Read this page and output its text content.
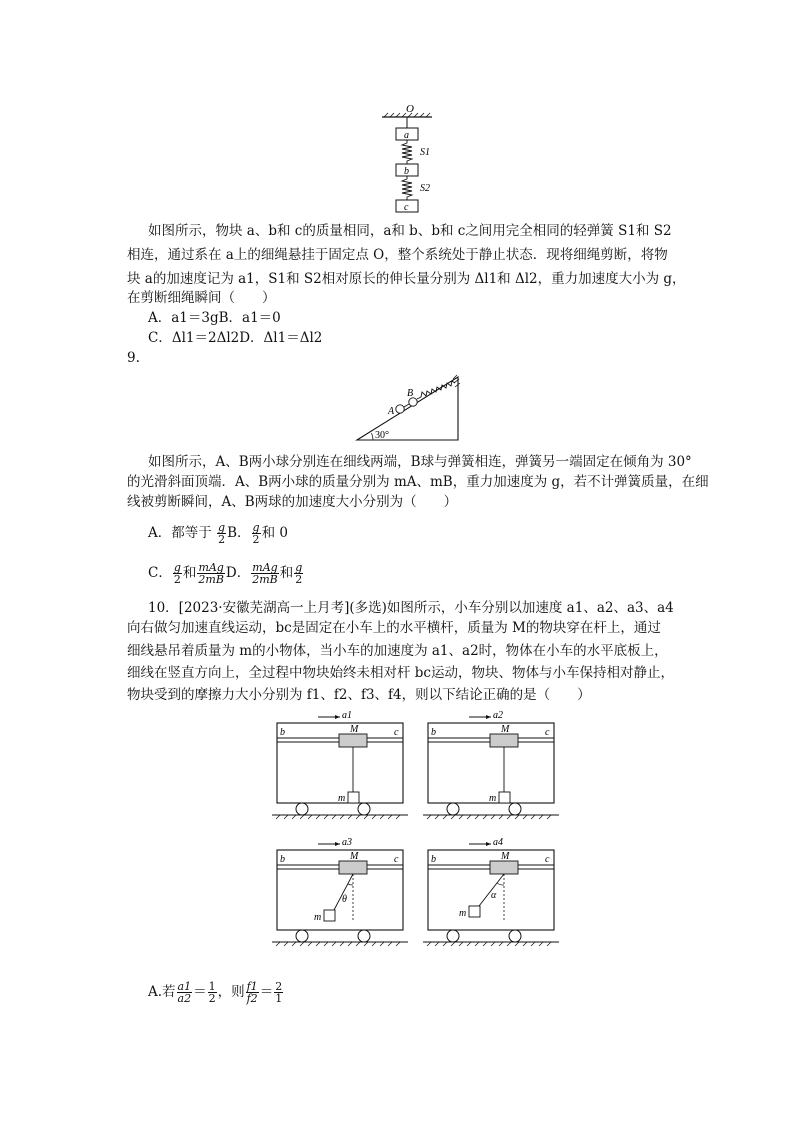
O
a
S1
b
S2
c
如图所示，物块 a、b和 c的质量相同，a和 b、b和 c之间用完全相同的轻弹簧 S1和 S2
相连，通过系在 a上的细绳悬挂于固定点 O，整个系统处于静止状态．现将细绳剪断，将物
块 a的加速度记为 a1，S1和 S2相对原长的伸长量分别为 Δl1和 Δl2，重力加速度大小为 g，
在剪断细绳瞬间（　　）
A．a1＝3gB．a1＝0
C．Δl1＝2Δl2D．Δl1＝Δl2
9.
30°
A
B
如图所示，A、B两小球分别连在细线两端，B球与弹簧相连，弹簧另一端固定在倾角为 30°
的光滑斜面顶端．A、B两小球的质量分别为 mA、mB，重力加速度为 g，若不计弹簧质量，在细
线被剪断瞬间，A、B两球的加速度大小分别为（　　）
A．都等于 $\frac{g}{2}$ B． $\frac{g}{2}$ 和 0
C． $\frac{g}{2}$ 和 $\frac{\text{mAg}}{2mB}$ D． $\frac{\text{mAg}}{2mB}$ 和 $\frac{g}{2}$
10．[2023·安徽芜湖高一上月考](多选)如图所示，小车分别以加速度 a1、a2、a3、a4
向右做匀加速直线运动，bc是固定在小车上的水平横杆，质量为 M的物块穿在杆上，通过
细线悬吊着质量为 m的小物体，当小车的加速度为 a1、a2时，物体在小车的水平底板上，
细线在竖直方向上，全过程中物块始终未相对杆 bc运动，物块、物体与小车保持相对静止，
物块受到的摩擦力大小分别为 f1、f2、f3、f4，则以下结论正确的是（　　）
a1
b	c
M
m
a2
b	c
M
m
a3
b	c
M
θ
m
a4
b	c
M
α
m
A.若 $\frac{a1}{a2} = \frac{1}{2}$ ，则 $\frac{f1}{f2} = \frac{2}{1}$
